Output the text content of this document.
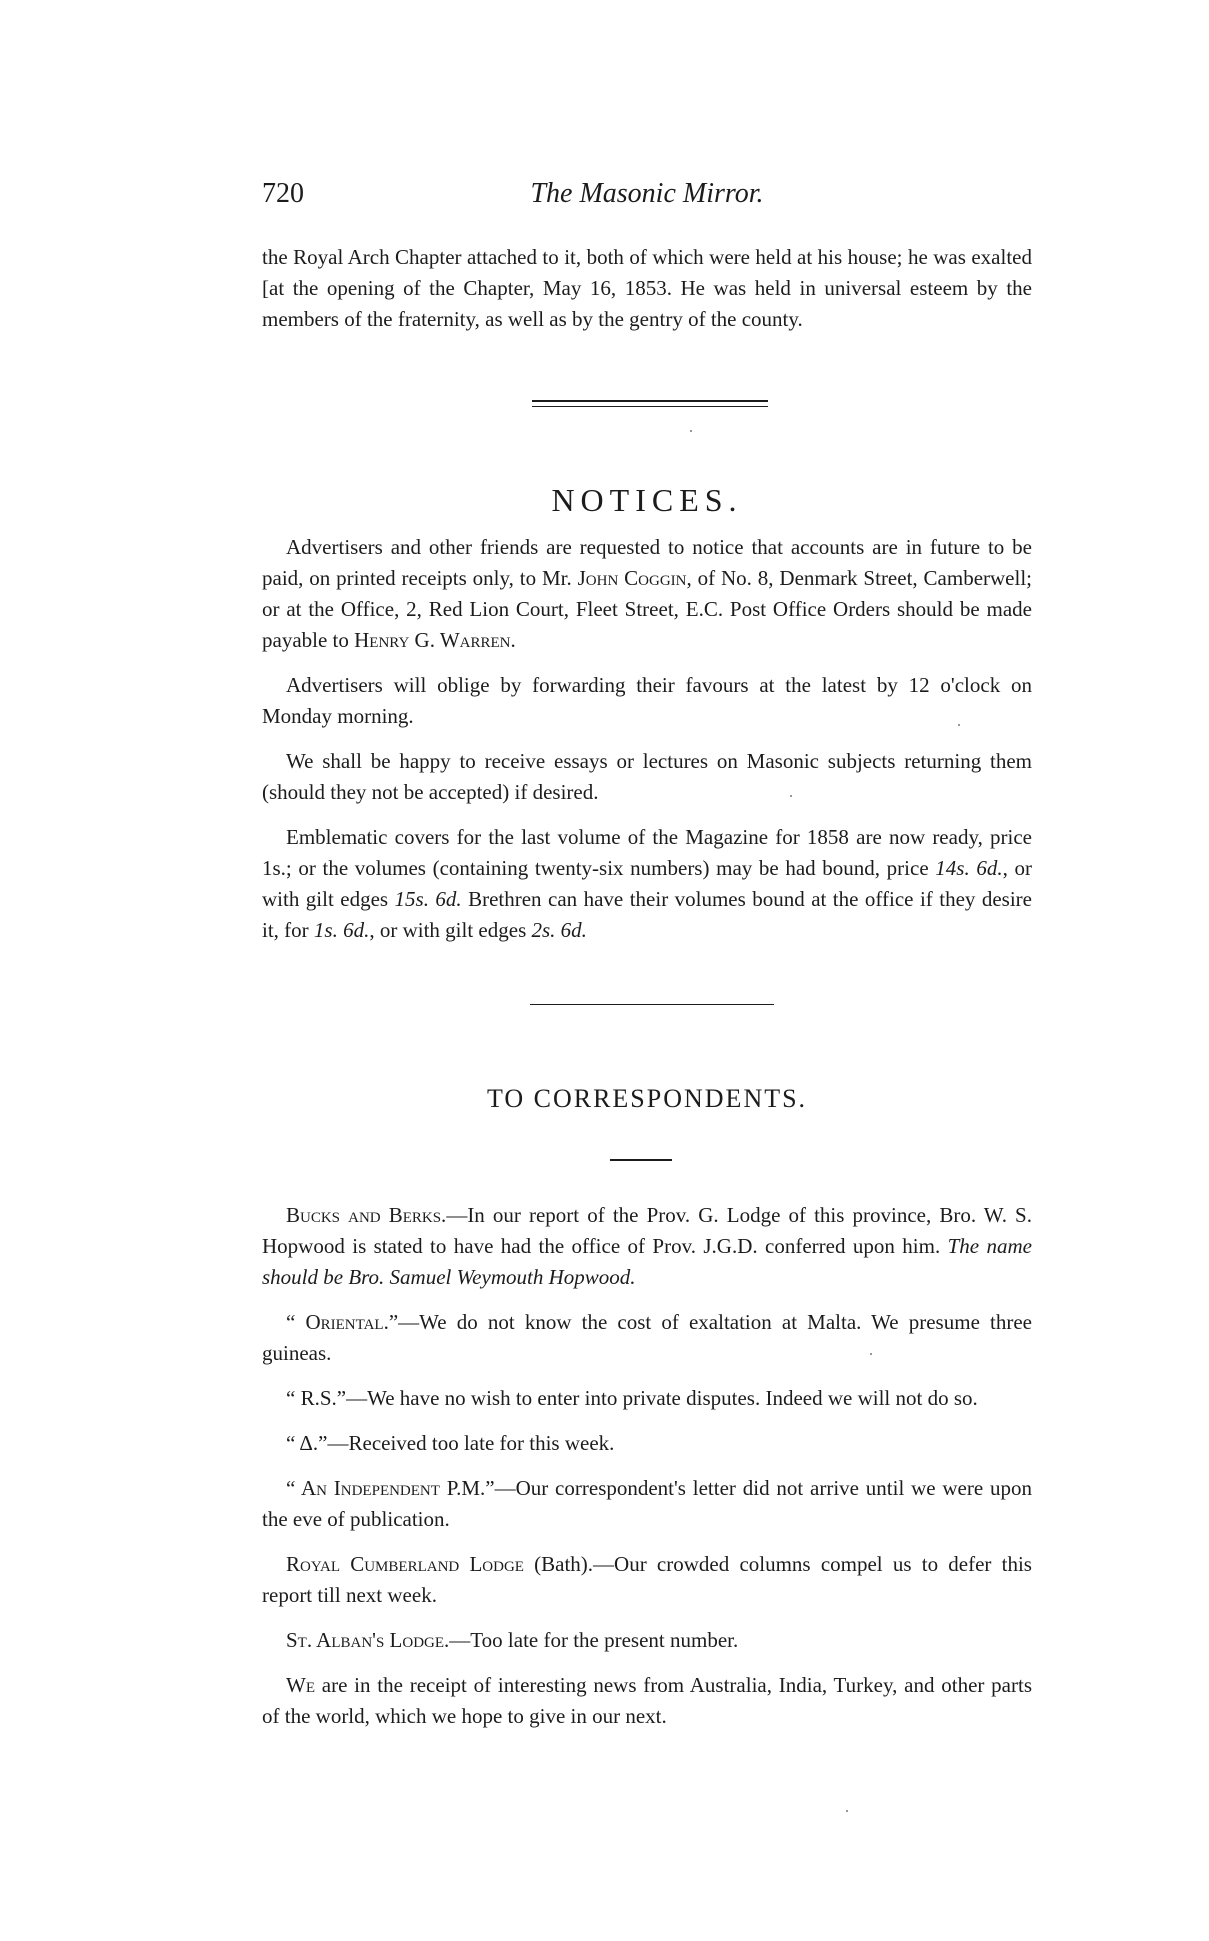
720	The Masonic Mirror.

the Royal Arch Chapter attached to it, both of which were held at his house; he was exalted [at the opening of the Chapter, May 16, 1853. He was held in universal esteem by the members of the fraternity, as well as by the gentry of the county.

NOTICES.

Advertisers and other friends are requested to notice that accounts are in future to be paid, on printed receipts only, to Mr. John Coggin, of No. 8, Denmark Street, Camberwell; or at the Office, 2, Red Lion Court, Fleet Street, E.C. Post Office Orders should be made payable to Henry G. Warren.

Advertisers will oblige by forwarding their favours at the latest by 12 o'clock on Monday morning.

We shall be happy to receive essays or lectures on Masonic subjects returning them (should they not be accepted) if desired.

Emblematic covers for the last volume of the Magazine for 1858 are now ready, price 1s.; or the volumes (containing twenty-six numbers) may be had bound, price 14s. 6d., or with gilt edges 15s. 6d. Brethren can have their volumes bound at the office if they desire it, for 1s. 6d., or with gilt edges 2s. 6d.

TO CORRESPONDENTS.

Bucks and Berks.—In our report of the Prov. G. Lodge of this province, Bro. W. S. Hopwood is stated to have had the office of Prov. J.G.D. conferred upon him. The name should be Bro. Samuel Weymouth Hopwood.

“ Oriental.”—We do not know the cost of exaltation at Malta. We presume three guineas.

“ R.S.”—We have no wish to enter into private disputes. Indeed we will not do so.

“ Δ.”—Received too late for this week.

“ An Independent P.M.”—Our correspondent's letter did not arrive until we were upon the eve of publication.

Royal Cumberland Lodge (Bath).—Our crowded columns compel us to defer this report till next week.

St. Alban's Lodge.—Too late for the present number.

We are in the receipt of interesting news from Australia, India, Turkey, and other parts of the world, which we hope to give in our next.
